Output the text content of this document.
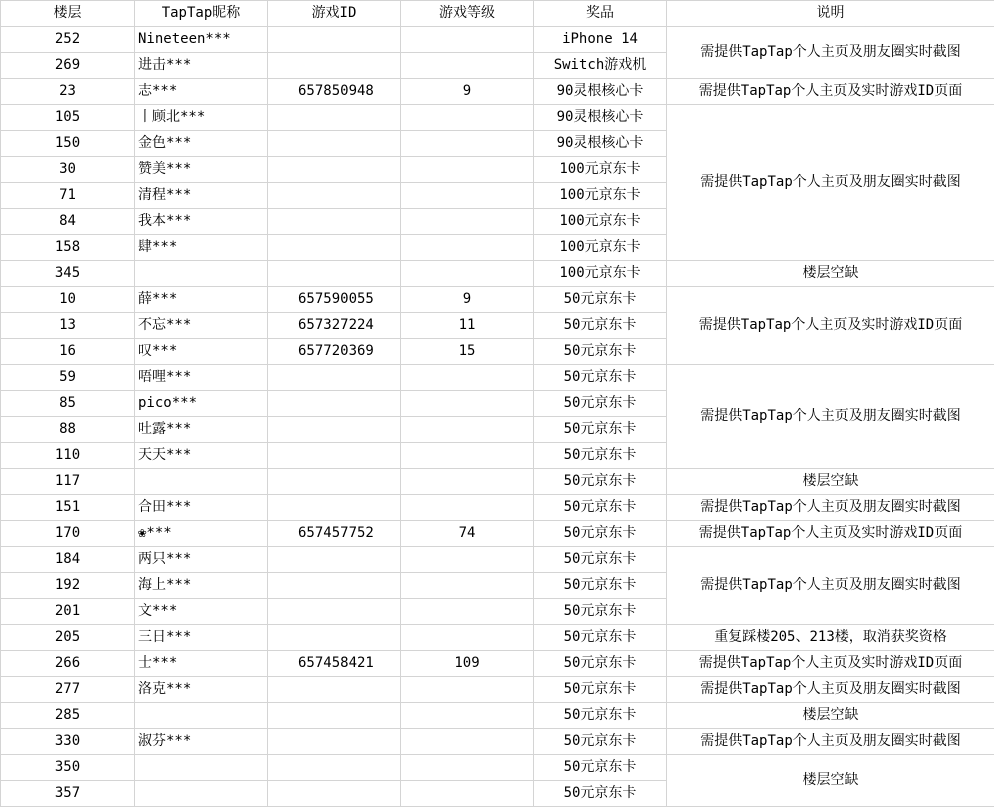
楼层	TapTap昵称	游戏ID	游戏等级	奖品	说明
252	Nineteen***			iPhone 14	需提供TapTap个人主页及朋友圈实时截图
269	进击***			Switch游戏机	
23	志***	657850948	9	90灵根核心卡	需提供TapTap个人主页及实时游戏ID页面
105	丨顾北***			90灵根核心卡	需提供TapTap个人主页及朋友圈实时截图
150	金色***			90灵根核心卡	
30	赞美***			100元京东卡	
71	清程***			100元京东卡	
84	我本***			100元京东卡	
158	肆***			100元京东卡	
345				100元京东卡	楼层空缺
10	薛***	657590055	9	50元京东卡	需提供TapTap个人主页及实时游戏ID页面
13	不忘***	657327224	11	50元京东卡	
16	叹***	657720369	15	50元京东卡	
59	唔哩***			50元京东卡	需提供TapTap个人主页及朋友圈实时截图
85	pico***			50元京东卡	
88	吐露***			50元京东卡	
110	天天***			50元京东卡	
117				50元京东卡	楼层空缺
151	合田***			50元京东卡	需提供TapTap个人主页及朋友圈实时截图
170	❀***	657457752	74	50元京东卡	需提供TapTap个人主页及实时游戏ID页面
184	两只***			50元京东卡	需提供TapTap个人主页及朋友圈实时截图
192	海上***			50元京东卡	
201	文***			50元京东卡	
205	三日***			50元京东卡	重复踩楼205、213楼，取消获奖资格
266	士***	657458421	109	50元京东卡	需提供TapTap个人主页及实时游戏ID页面
277	洛克***			50元京东卡	需提供TapTap个人主页及朋友圈实时截图
285				50元京东卡	楼层空缺
330	淑芬***			50元京东卡	需提供TapTap个人主页及朋友圈实时截图
350				50元京东卡	楼层空缺
357				50元京东卡	
